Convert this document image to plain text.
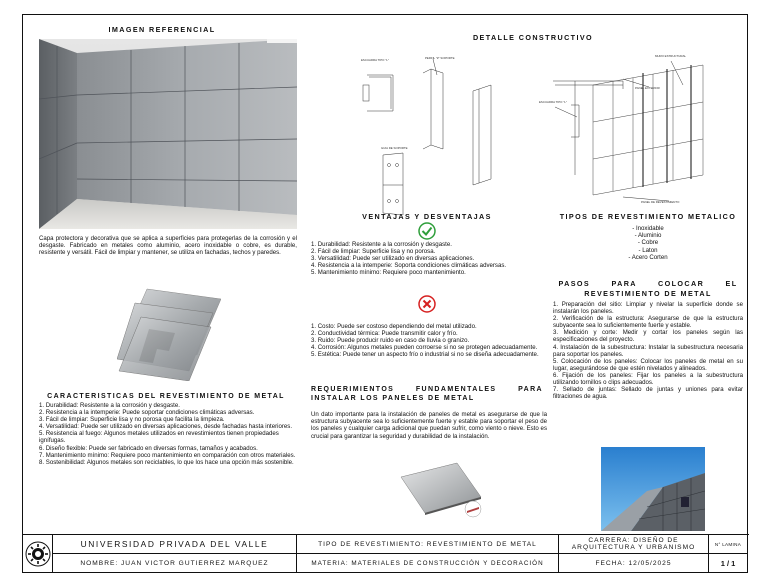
IMAGEN REFERENCIAL
Capa protectora y decorativa que se aplica a superficies para protegerlas de la corrosión y el desgaste. Fabricado en metales como aluminio, acero inoxidable o cobre, es durable, resistente y versátil. Fácil de limpiar y mantener, se utiliza en fachadas, techos y paredes.
CARACTERISTICAS DEL REVESTIMIENTO DE METAL
1. Durabilidad: Resistente a la corrosión y desgaste.
2. Resistencia a la intemperie: Puede soportar condiciones climáticas adversas.
3. Fácil de limpiar: Superficie lisa y no porosa que facilita la limpieza.
4. Versatilidad: Puede ser utilizado en diversas aplicaciones, desde fachadas hasta interiores.
5. Resistencia al fuego: Algunos metales utilizados en revestimientos tienen propiedades ignífugas.
6. Diseño flexible: Puede ser fabricado en diversas formas, tamaños y acabados.
7. Mantenimiento mínimo: Requiere poco mantenimiento en comparación con otros materiales.
8. Sostenibilidad: Algunos metales son reciclables, lo que los hace una opción más sostenible.
DETALLE CONSTRUCTIVO
ESCUADRA TIPO "L"	PERFIL "Z" SOPORTE
GUIA DE SOPORTE
ESCUADRA TIPO "L"
PANEL DE REVESTIMIENTO
MURO ESTRUCTURAL
PANEL EXTERIOR
VENTAJAS Y DESVENTAJAS
1. Durabilidad: Resistente a la corrosión y desgaste.
2. Fácil de limpiar: Superficie lisa y no porosa.
3. Versatilidad: Puede ser utilizado en diversas aplicaciones.
4. Resistencia a la intemperie: Soporta condiciones climáticas adversas.
5. Mantenimiento mínimo: Requiere poco mantenimiento.
1. Costo: Puede ser costoso dependiendo del metal utilizado.
2. Conductividad térmica: Puede transmitir calor y frío.
3. Ruido: Puede producir ruido en caso de lluvia o granizo.
4. Corrosión: Algunos metales pueden corroerse si no se protegen adecuadamente.
5. Estética: Puede tener un aspecto frío o industrial si no se diseña adecuadamente.
REQUERIMIENTOS FUNDAMENTALES PARA INSTALAR LOS PANELES DE METAL
Un dato importante para la instalación de paneles de metal es asegurarse de que la estructura subyacente sea lo suficientemente fuerte y estable para soportar el peso de los paneles y cualquier carga adicional que puedan sufrir, como viento o nieve. Esto es crucial para garantizar la seguridad y durabilidad de la instalación.
TIPOS DE REVESTIMIENTO METALICO
- Inoxidable
- Aluminio
- Cobre
- Laton
- Acero Corten
PASOS PARA COLOCAR EL
REVESTIMIENTO DE METAL
1. Preparación del sitio: Limpiar y nivelar la superficie donde se instalarán los paneles.
2. Verificación de la estructura: Asegurarse de que la estructura subyacente sea lo suficientemente fuerte y estable.
3. Medición y corte: Medir y cortar los paneles según las especificaciones del proyecto.
4. Instalación de la subestructura: Instalar la subestructura necesaria para soportar los paneles.
5. Colocación de los paneles: Colocar los paneles de metal en su lugar, asegurándose de que estén nivelados y alineados.
6. Fijación de los paneles: Fijar los paneles a la subestructura utilizando tornillos o clips adecuados.
7. Sellado de juntas: Sellado de juntas y uniones para evitar filtraciones de agua.
UNIVERSIDAD PRIVADA DEL VALLE
NOMBRE: JUAN VICTOR GUTIERREZ MARQUEZ
TIPO DE REVESTIMIENTO: REVESTIMIENTO DE METAL
MATERIA: MATERIALES DE CONSTRUCCIÓN Y DECORACIÓN
CARRERA: DISEÑO DE
ARQUITECTURA Y URBANISMO
FECHA: 12/05/2025
N° LAMINA
1 / 1
